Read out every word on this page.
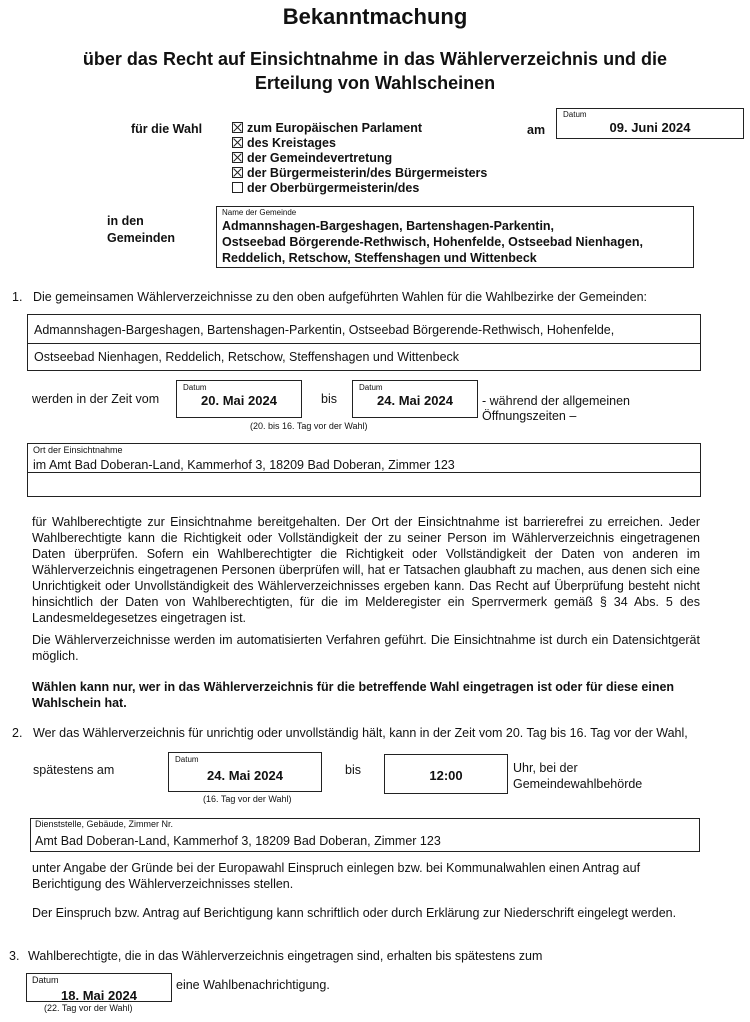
Bekanntmachung
über das Recht auf Einsichtnahme in das Wählerverzeichnis und die
Erteilung von Wahlscheinen
für die Wahl	zum Europäischen Parlament
des Kreistages
der Gemeindevertretung
der Bürgermeisterin/des Bürgermeisters
der Oberbürgermeisterin/des
am
Datum
09. Juni 2024
in den
Gemeinden
Name der Gemeinde
Admannshagen-Bargeshagen, Bartenshagen-Parkentin,
Ostseebad Börgerende-Rethwisch, Hohenfelde, Ostseebad Nienhagen,
Reddelich, Retschow, Steffenshagen und Wittenbeck
1. Die gemeinsamen Wählerverzeichnisse zu den oben aufgeführten Wahlen für die Wahlbezirke der Gemeinden:
Admannshagen-Bargeshagen, Bartenshagen-Parkentin, Ostseebad Börgerende-Rethwisch, Hohenfelde,
Ostseebad Nienhagen, Reddelich, Retschow, Steffenshagen und Wittenbeck
werden in der Zeit vom
Datum
20. Mai 2024	bis
Datum
24. Mai 2024	- während der allgemeinen
Öffnungszeiten –
(20. bis 16. Tag vor der Wahl)
Ort der Einsichtnahme
im Amt Bad Doberan-Land, Kammerhof 3, 18209 Bad Doberan, Zimmer 123
für Wahlberechtigte zur Einsichtnahme bereitgehalten. Der Ort der Einsichtnahme ist barrierefrei zu erreichen. Jeder Wahlberechtigte kann die Richtigkeit oder Vollständigkeit der zu seiner Person im Wählerverzeichnis eingetragenen Daten überprüfen. Sofern ein Wahlberechtigter die Richtigkeit oder Vollständigkeit der Daten von anderen im Wählerverzeichnis eingetragenen Personen überprüfen will, hat er Tatsachen glaubhaft zu machen, aus denen sich eine Unrichtigkeit oder Unvollständigkeit des Wählerverzeichnisses ergeben kann. Das Recht auf Überprüfung besteht nicht hinsichtlich der Daten von Wahlberechtigten, für die im Melderegister ein Sperrvermerk gemäß § 34 Abs. 5 des Landesmeldegesetzes eingetragen ist.
Die Wählerverzeichnisse werden im automatisierten Verfahren geführt. Die Einsichtnahme ist durch ein Datensichtgerät möglich.
Wählen kann nur, wer in das Wählerverzeichnis für die betreffende Wahl eingetragen ist oder für diese einen Wahlschein hat.
2. Wer das Wählerverzeichnis für unrichtig oder unvollständig hält, kann in der Zeit vom 20. Tag bis 16. Tag vor der Wahl,
spätestens am
Datum
24. Mai 2024	bis	12:00	Uhr, bei der
Gemeindewahlbehörde
(16. Tag vor der Wahl)
Dienststelle, Gebäude, Zimmer Nr.
Amt Bad Doberan-Land, Kammerhof 3, 18209 Bad Doberan, Zimmer 123
unter Angabe der Gründe bei der Europawahl Einspruch einlegen bzw. bei Kommunalwahlen einen Antrag auf Berichtigung des Wählerverzeichnisses stellen.
Der Einspruch bzw. Antrag auf Berichtigung kann schriftlich oder durch Erklärung zur Niederschrift eingelegt werden.
3. Wahlberechtigte, die in das Wählerverzeichnis eingetragen sind, erhalten bis spätestens zum
Datum
18. Mai 2024
eine Wahlbenachrichtigung.
(22. Tag vor der Wahl)
